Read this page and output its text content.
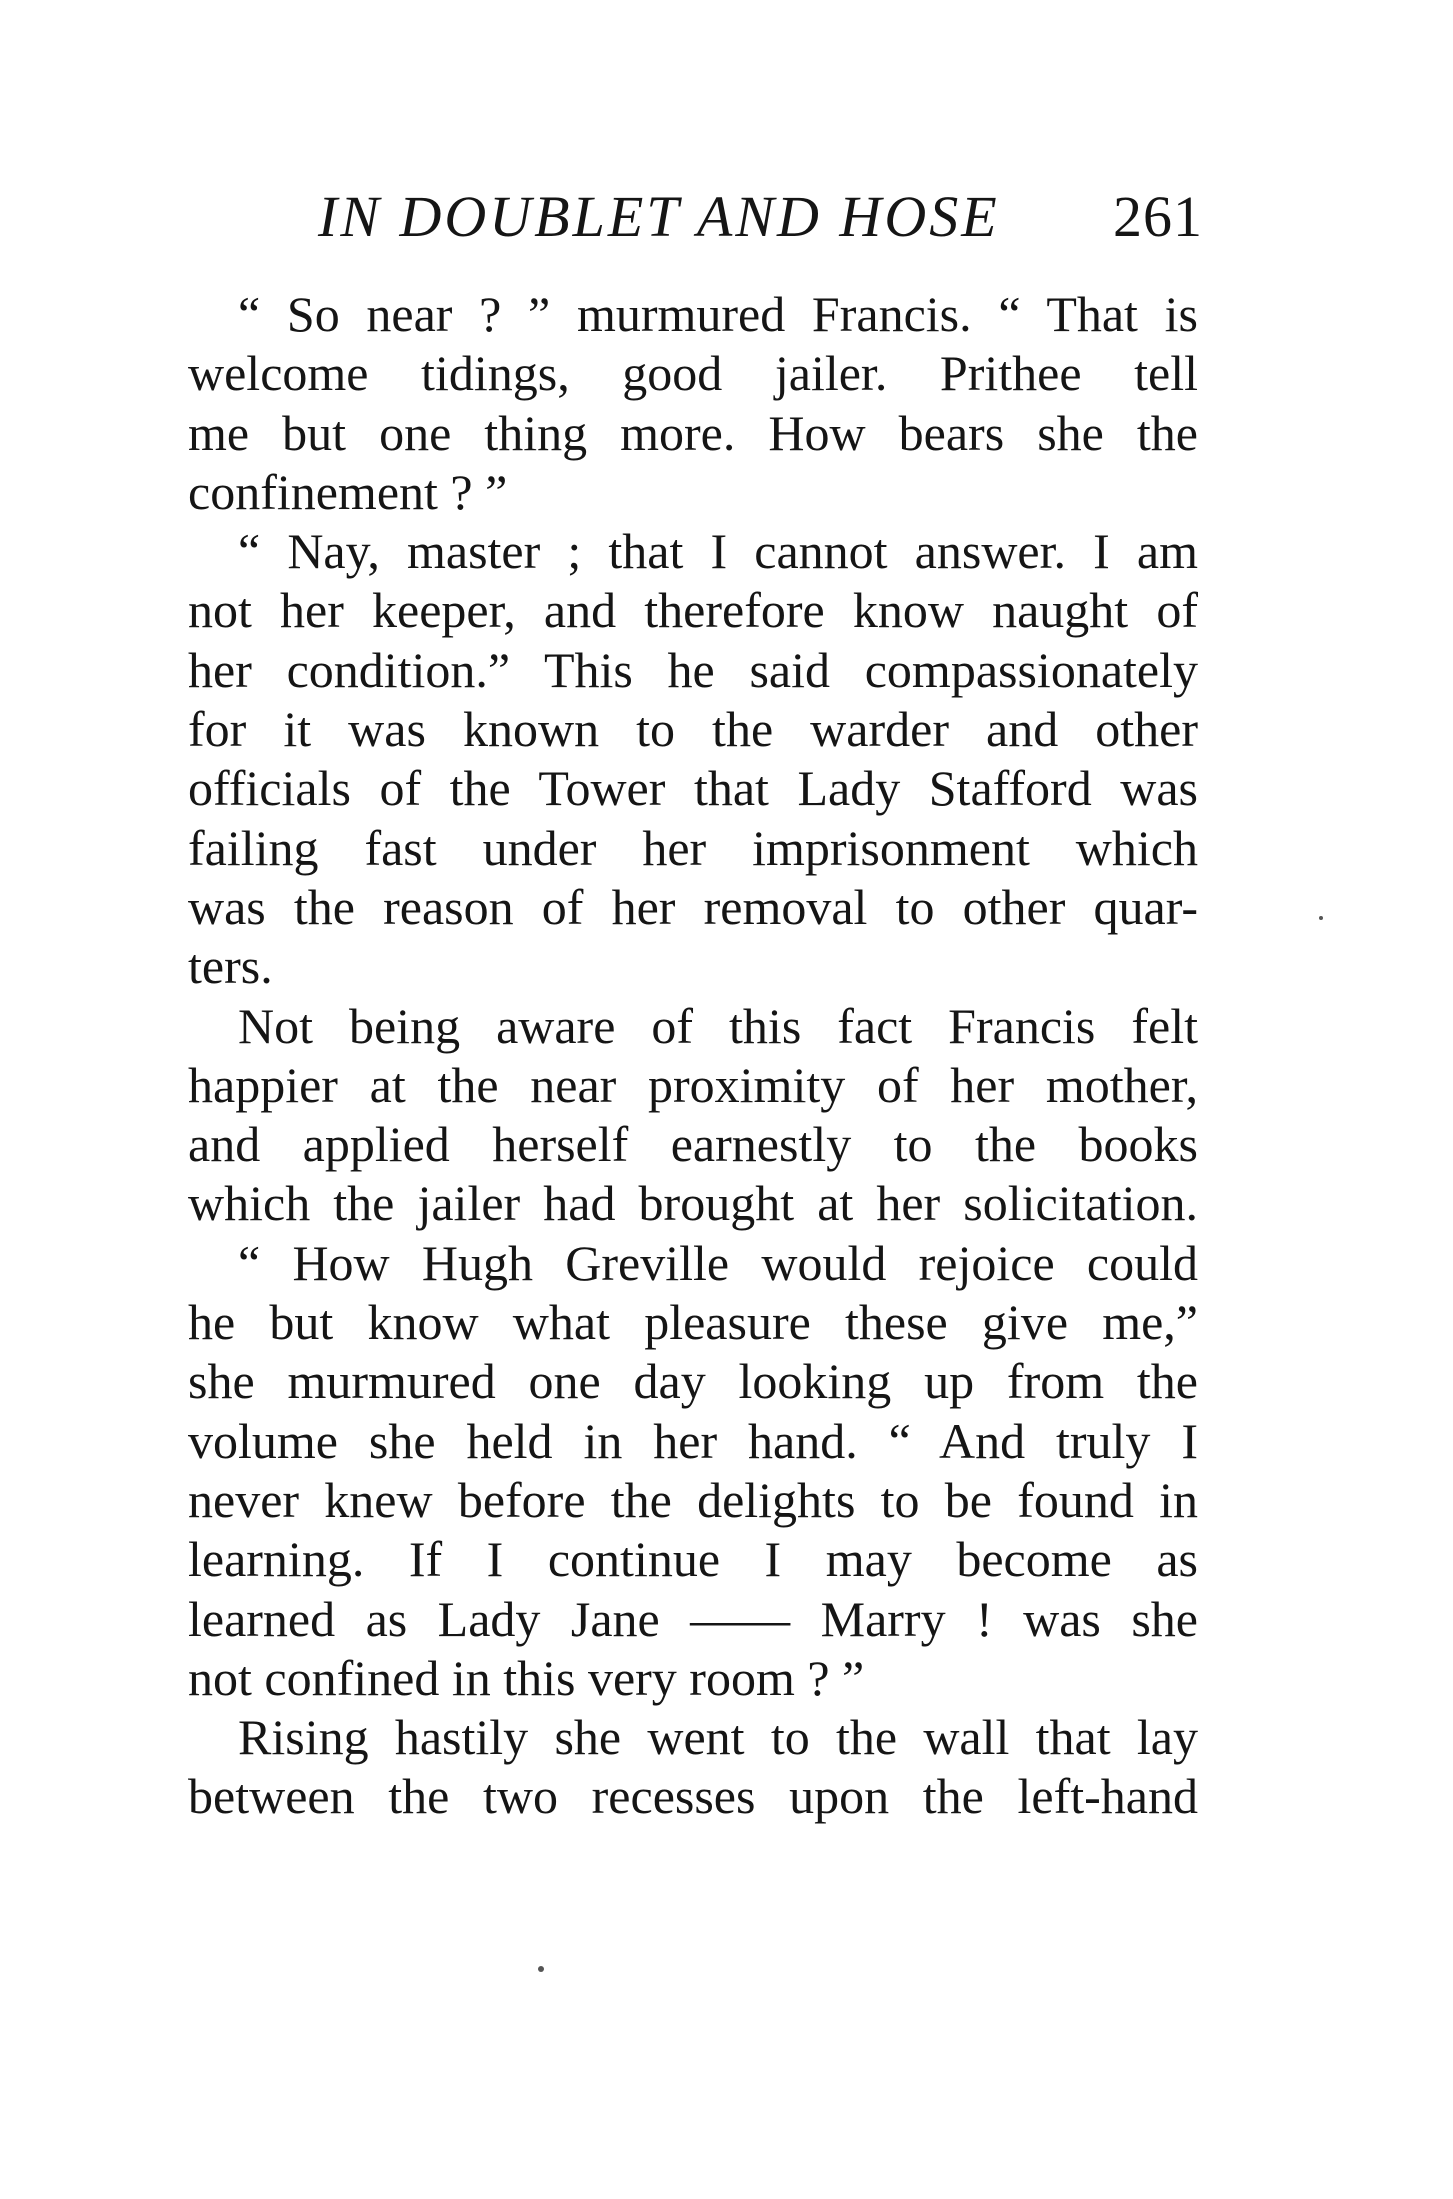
IN DOUBLET AND HOSE 261
“ So near ? ” murmured Francis. “ That is
welcome tidings, good jailer. Prithee tell
me but one thing more. How bears she the
confinement ? ”
“ Nay, master ; that I cannot answer. I am
not her keeper, and therefore know naught of
her condition.” This he said compassionately
for it was known to the warder and other
officials of the Tower that Lady Stafford was
failing fast under her imprisonment which
was the reason of her removal to other quar-
ters.
Not being aware of this fact Francis felt
happier at the near proximity of her mother,
and applied herself earnestly to the books
which the jailer had brought at her solicitation.
“ How Hugh Greville would rejoice could
he but know what pleasure these give me,”
she murmured one day looking up from the
volume she held in her hand. “ And truly I
never knew before the delights to be found in
learning. If I continue I may become as
learned as Lady Jane —— Marry ! was she
not confined in this very room ? ”
Rising hastily she went to the wall that lay
between the two recesses upon the left-hand
